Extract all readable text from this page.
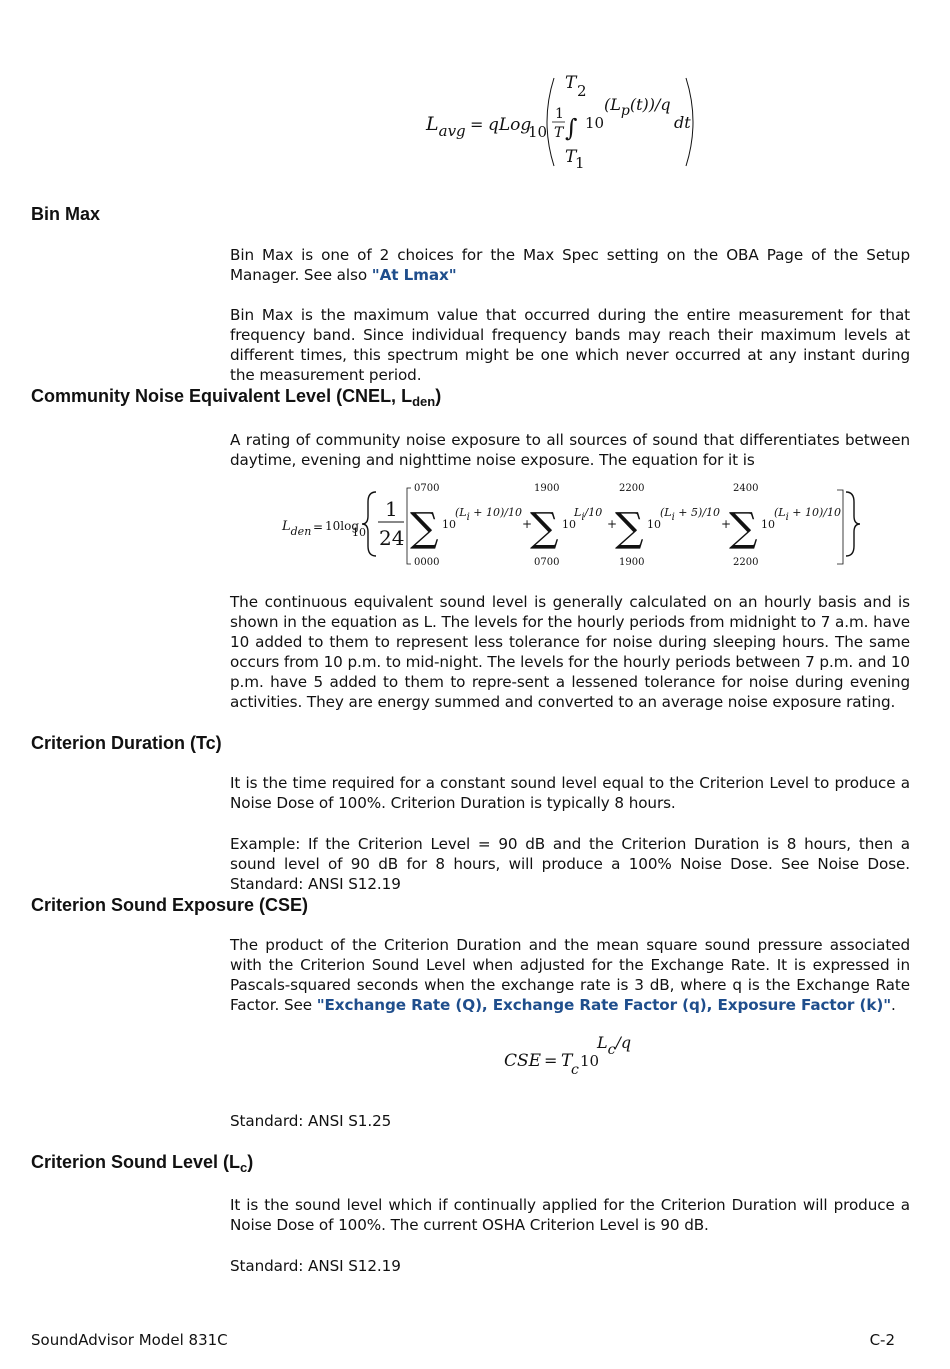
$L_{avg}$ = qLog
10
T 2
1
T ∫
T
1
10
(Lp(t))/q
dt
Bin Max

Bin Max is one of 2 choices for the Max Spec setting on the OBA Page of the Setup Manager. See also "At Lmax"

Bin Max is the maximum value that occurred during the entire measurement for that frequency band. Since individual frequency bands may reach their maximum levels at different times, this spectrum might be one which never occurred at any instant during the measurement period.

Community Noise Equivalent Level (CNEL, $L_{den}$)

A rating of community noise exposure to all sources of sound that differentiates between daytime, evening and nighttime noise exposure. The equation for it is

$L_{den} = 10\log$
10
1
24
0700
∑
0000
10
(Li + 10)/10
+
1900
∑
0700
10
Li/10
+
2200
∑
1900
10
(Li + 5)/10
+
2400
∑
2200
10
(Li + 10)/10

The continuous equivalent sound level is generally calculated on an hourly basis and is shown in the equation as L. The levels for the hourly periods from midnight to 7 a.m. have 10 added to them to represent less tolerance for noise during sleeping hours. The same occurs from 10 p.m. to mid-night. The levels for the hourly periods between 7 p.m. and 10 p.m. have 5 added to them to repre-sent a lessened tolerance for noise during evening activities. They are energy summed and converted to an average noise exposure rating.

Criterion Duration (Tc)

It is the time required for a constant sound level equal to the Criterion Level to produce a Noise Dose of 100%. Criterion Duration is typically 8 hours.

Example: If the Criterion Level = 90 dB and the Criterion Duration is 8 hours, then a sound level of 90 dB for 8 hours, will produce a 100% Noise Dose. See Noise Dose. Standard: ANSI S12.19

Criterion Sound Exposure (CSE)

The product of the Criterion Duration and the mean square sound pressure associated with the Criterion Sound Level when adjusted for the Exchange Rate. It is expressed in Pascals-squared seconds when the exchange rate is 3 dB, where q is the Exchange Rate Factor. See "Exchange Rate (Q), Exchange Rate Factor (q), Exposure Factor (k)".

CSE = T
c 10
Lc/q

Standard: ANSI S1.25

Criterion Sound Level $(L_c)$

It is the sound level which if continually applied for the Criterion Duration will produce a Noise Dose of 100%. The current OSHA Criterion Level is 90 dB.

Standard: ANSI S12.19

SoundAdvisor Model 831C	C-2
